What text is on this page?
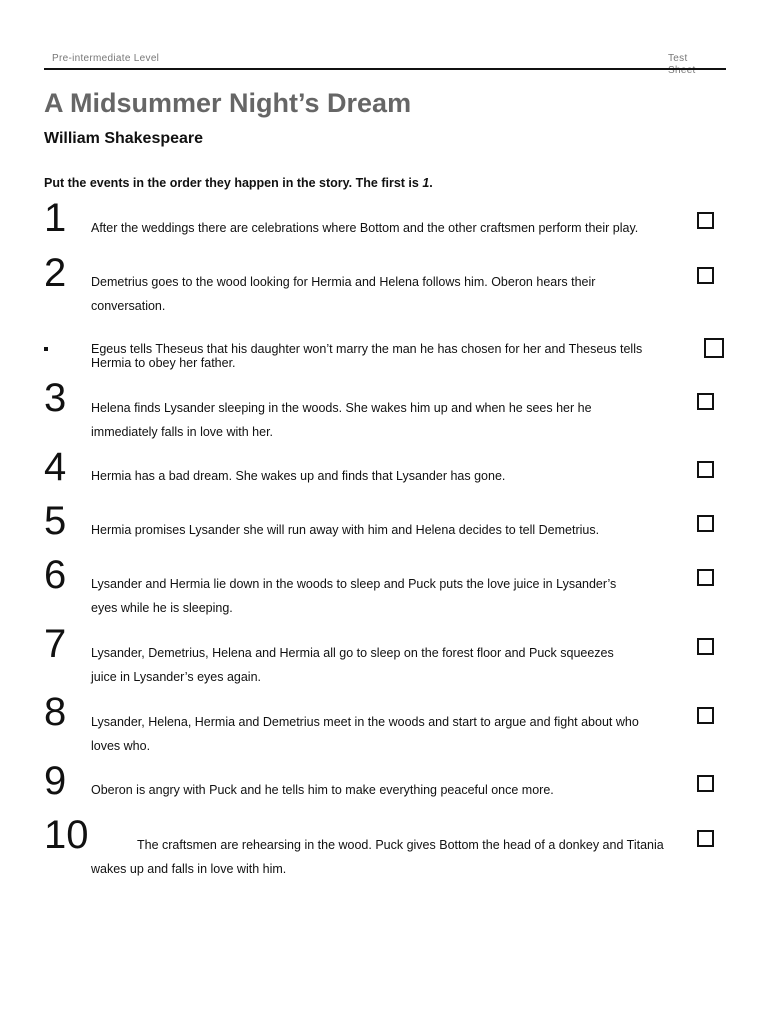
Pre-intermediate Level	Test Sheet
A Midsummer Night’s Dream
William Shakespeare

Put the events in the order they happen in the story. The first is 1.

1 After the weddings there are celebrations where Bottom and the other craftsmen perform their play.
2 Demetrius goes to the wood looking for Hermia and Helena follows him. Oberon hears their conversation.
Egeus tells Theseus that his daughter won’t marry the man he has chosen for her and Theseus tells Hermia to obey her father.
3 Helena finds Lysander sleeping in the woods. She wakes him up and when he sees her he immediately falls in love with her.
4 Hermia has a bad dream. She wakes up and finds that Lysander has gone.
5 Hermia promises Lysander she will run away with him and Helena decides to tell Demetrius.
6 Lysander and Hermia lie down in the woods to sleep and Puck puts the love juice in Lysander’s eyes while he is sleeping.
7 Lysander, Demetrius, Helena and Hermia all go to sleep on the forest floor and Puck squeezes juice in Lysander’s eyes again.
8 Lysander, Helena, Hermia and Demetrius meet in the woods and start to argue and fight about who loves who.
9 Oberon is angry with Puck and he tells him to make everything peaceful once more.
10	The craftsmen are rehearsing in the wood. Puck gives Bottom the head of a donkey and Titania wakes up and falls in love with him.
